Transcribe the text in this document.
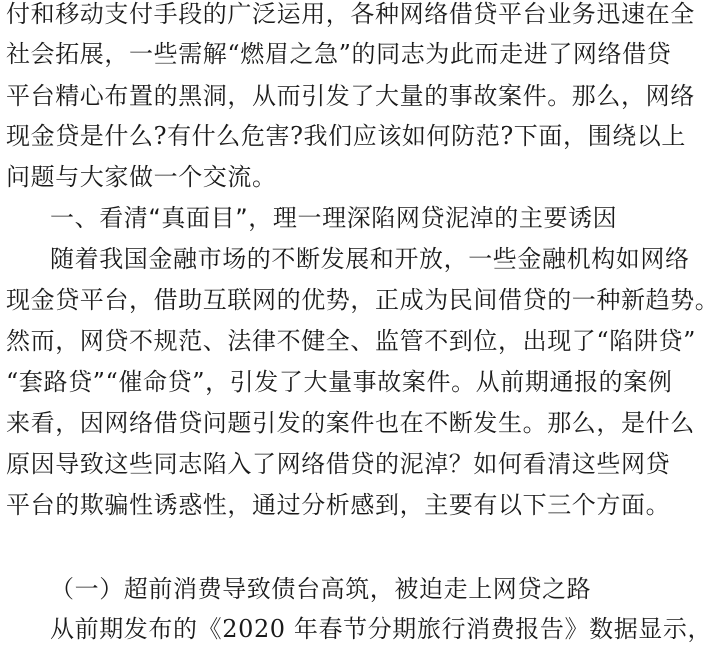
付和移动支付手段的广泛运用，各种网络借贷平台业务迅速在全
社会拓展，一些需解“燃眉之急”的同志为此而走进了网络借贷
平台精心布置的黑洞，从而引发了大量的事故案件。那么，网络
现金贷是什么?有什么危害?我们应该如何防范?下面，围绕以上
问题与大家做一个交流。
一、看清“真面目”，理一理深陷网贷泥淖的主要诱因
随着我国金融市场的不断发展和开放，一些金融机构如网络
现金贷平台，借助互联网的优势，正成为民间借贷的一种新趋势。
然而，网贷不规范、法律不健全、监管不到位，出现了“陷阱贷”
“套路贷”“催命贷”，引发了大量事故案件。从前期通报的案例
来看，因网络借贷问题引发的案件也在不断发生。那么，是什么
原因导致这些同志陷入了网络借贷的泥淖？如何看清这些网贷
平台的欺骗性诱惑性，通过分析感到，主要有以下三个方面。
（一）超前消费导致债台高筑，被迫走上网贷之路
从前期发布的《2020 年春节分期旅行消费报告》数据显示，
